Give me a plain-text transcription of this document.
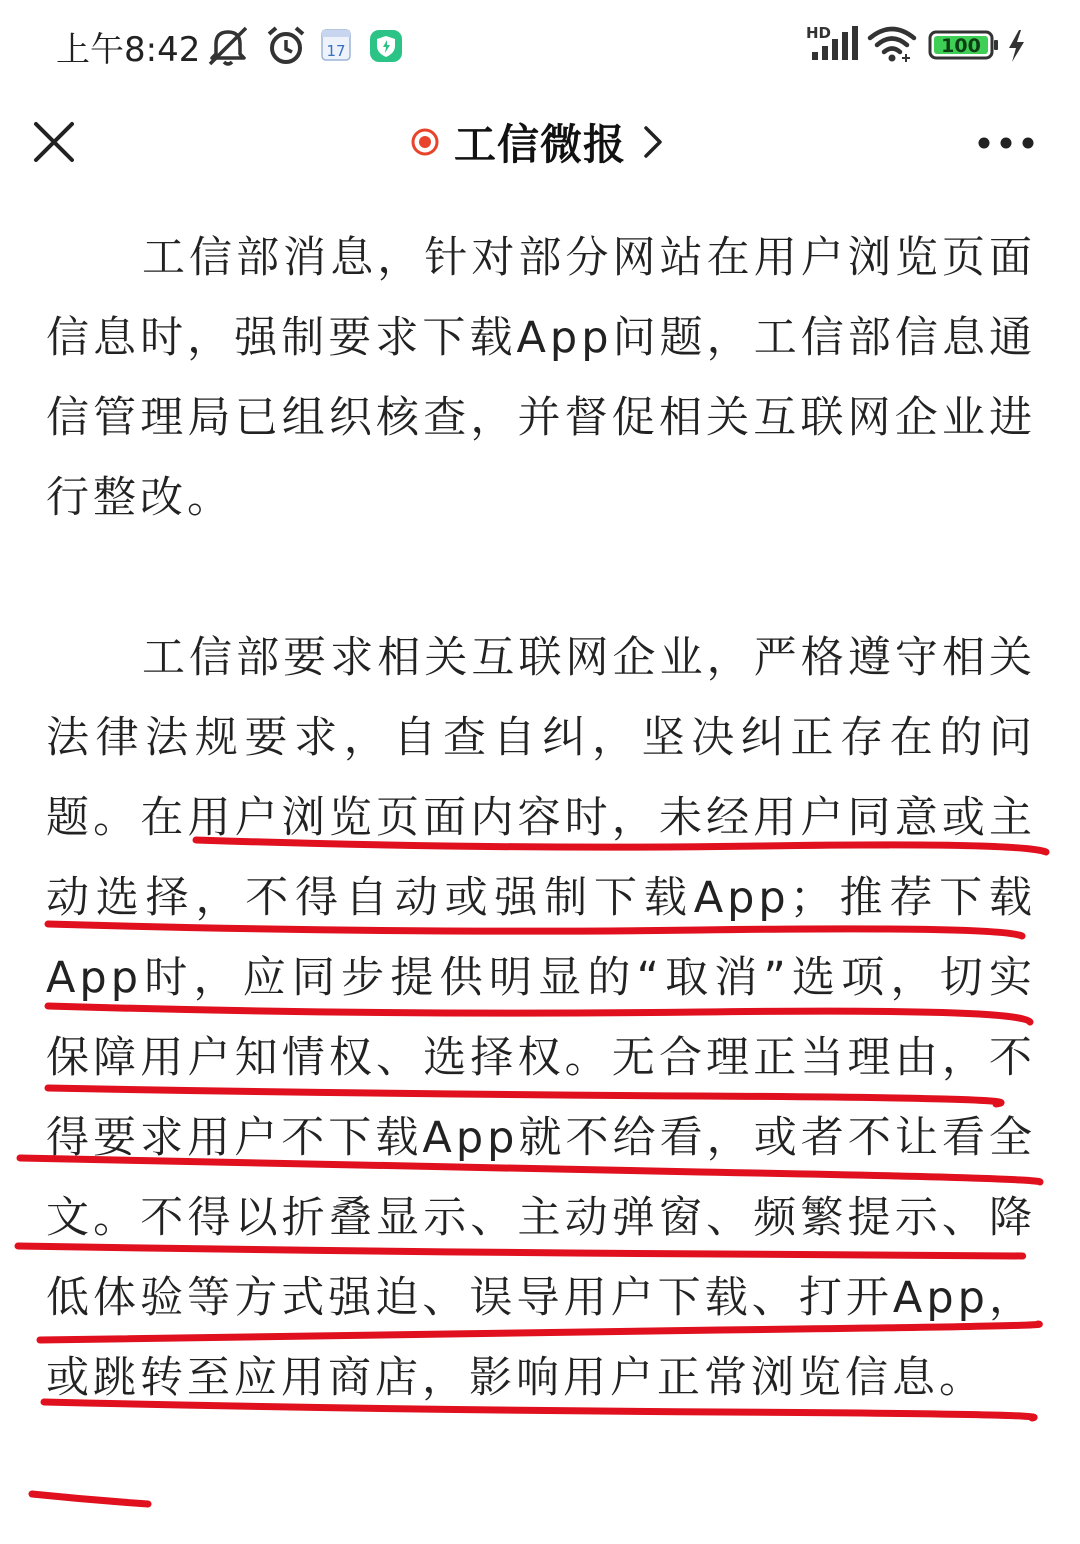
上午8:42	17
HD
100
工信微报

工信部消息，针对部分网站在用户浏览页面信息时，强制要求下载App问题，工信部信息通信管理局已组织核查，并督促相关互联网企业进行整改。

工信部要求相关互联网企业，严格遵守相关法律法规要求，自查自纠，坚决纠正存在的问题。在用户浏览页面内容时，未经用户同意或主动选择，不得自动或强制下载App；推荐下载App时，应同步提供明显的“取消”选项，切实保障用户知情权、选择权。无合理正当理由，不得要求用户不下载App就不给看，或者不让看全文。不得以折叠显示、主动弹窗、频繁提示、降低体验等方式强迫、误导用户下载、打开App，或跳转至应用商店，影响用户正常浏览信息。
